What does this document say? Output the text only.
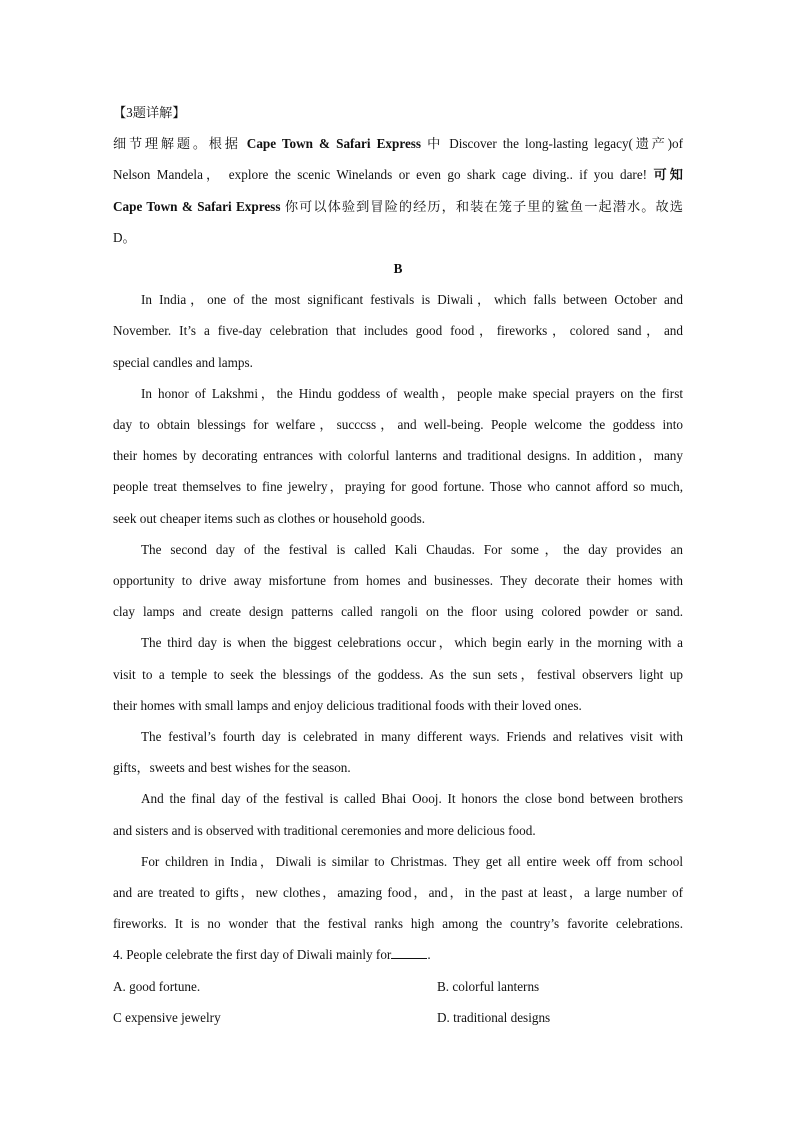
【3题详解】

细节理解题。根据 Cape Town & Safari Express 中 Discover the long-lasting legacy(遗产)of

Nelson Mandela， explore the scenic Winelands or even go shark cage diving.. if you dare! 可知

Cape Town & Safari Express 你可以体验到冒险的经历，和装在笼子里的鲨鱼一起潜水。故选

D。

B

In India，one of the most significant festivals is Diwali，which falls between October and

November. It’s a five-day celebration that includes good food，fireworks，colored sand，and

special candles and lamps.

In honor of Lakshmi，the Hindu goddess of wealth，people make special prayers on the first

day to obtain blessings for welfare，succcss，and well-being. People welcome the goddess into

their homes by decorating entrances with colorful lanterns and traditional designs. In addition，many

people treat themselves to fine jewelry，praying for good fortune. Those who cannot afford so much,

seek out cheaper items such as clothes or household goods.

The second day of the festival is called Kali Chaudas. For some，the day provides an

opportunity to drive away misfortune from homes and businesses. They decorate their homes with

clay lamps and create design patterns called rangoli on the floor using colored powder or sand.

The third day is when the biggest celebrations occur，which begin early in the morning with a

visit to a temple to seek the blessings of the goddess. As the sun sets，festival observers light up

their homes with small lamps and enjoy delicious traditional foods with their loved ones.

The festival’s fourth day is celebrated in many different ways. Friends and relatives visit with

gifts，sweets and best wishes for the season.

And the final day of the festival is called Bhai Oooj. It honors the close bond between brothers

and sisters and is observed with traditional ceremonies and more delicious food.

For children in India，Diwali is similar to Christmas. They get all entire week off from school

and are treated to gifts，new clothes，amazing food，and，in the past at least，a large number of

fireworks. It is no wonder that the festival ranks high among the country’s favorite celebrations.

4. People celebrate the first day of Diwali mainly for	.

A. good fortune.	B. colorful lanterns

C expensive jewelry	D. traditional designs
